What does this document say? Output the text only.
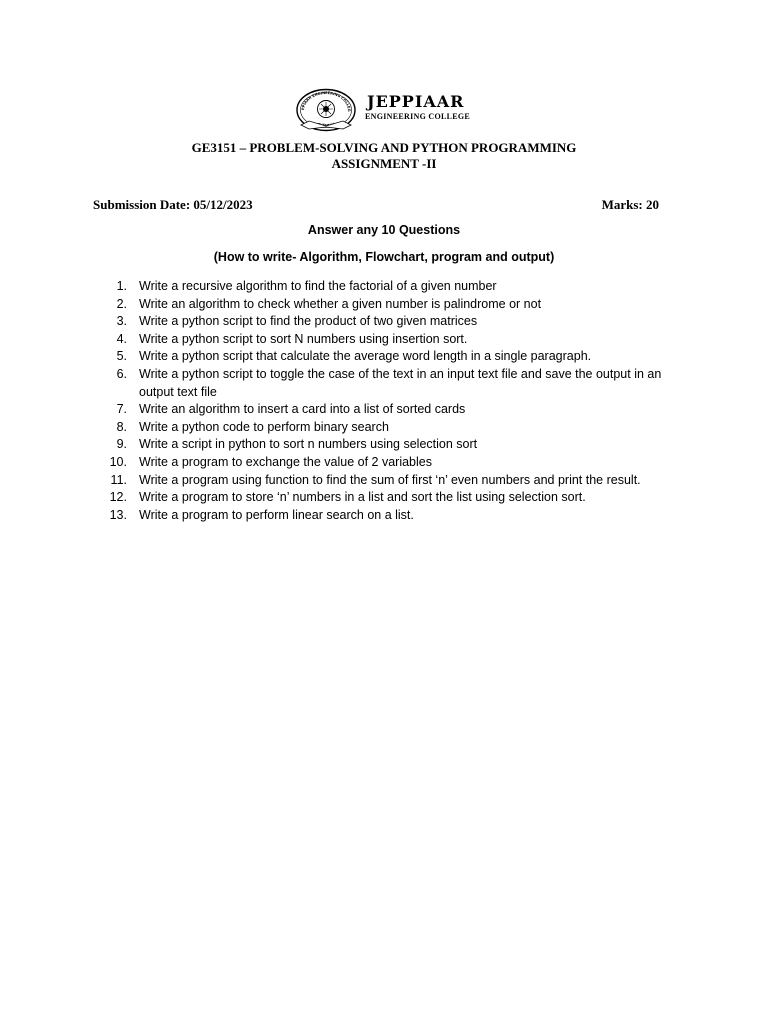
PPIAAR ENGINEERING COLLEG JEPPIAAR
ENGINEERING COLLEGE
GE3151 – PROBLEM-SOLVING AND PYTHON PROGRAMMING
ASSIGNMENT -II
Submission Date: 05/12/2023	Marks: 20
Answer any 10 Questions
(How to write- Algorithm, Flowchart, program and output)
1. Write a recursive algorithm to find the factorial of a given number
2. Write an algorithm to check whether a given number is palindrome or not
3. Write a python script to find the product of two given matrices
4. Write a python script to sort N numbers using insertion sort.
5. Write a python script that calculate the average word length in a single paragraph.
6. Write a python script to toggle the case of the text in an input text file and save the output in an output text file
7. Write an algorithm to insert a card into a list of sorted cards
8. Write a python code to perform binary search
9. Write a script in python to sort n numbers using selection sort
10. Write a program to exchange the value of 2 variables
11. Write a program using function to find the sum of first ‘n’ even numbers and print the result.
12. Write a program to store ‘n’ numbers in a list and sort the list using selection sort.
13. Write a program to perform linear search on a list.
